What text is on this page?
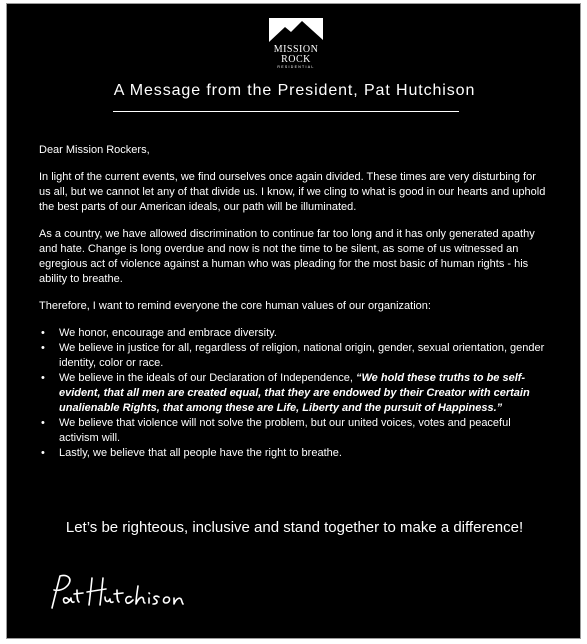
MISSION
ROCK
RESIDENTIAL
A Message from the President, Pat Hutchison

Dear Mission Rockers,

In light of the current events, we find ourselves once again divided. These times are very disturbing for us all, but we cannot let any of that divide us. I know, if we cling to what is good in our hearts and uphold the best parts of our American ideals, our path will be illuminated.

As a country, we have allowed discrimination to continue far too long and it has only generated apathy and hate. Change is long overdue and now is not the time to be silent, as some of us witnessed an egregious act of violence against a human who was pleading for the most basic of human rights - his ability to breathe.

Therefore, I want to remind everyone the core human values of our organization:

• We honor, encourage and embrace diversity.
• We believe in justice for all, regardless of religion, national origin, gender, sexual orientation, gender identity, color or race.
• We believe in the ideals of our Declaration of Independence, “We hold these truths to be self-evident, that all men are created equal, that they are endowed by their Creator with certain unalienable Rights, that among these are Life, Liberty and the pursuit of Happiness.”
• We believe that violence will not solve the problem, but our united voices, votes and peaceful activism will.
• Lastly, we believe that all people have the right to breathe.
Let’s be righteous, inclusive and stand together to make a difference!
